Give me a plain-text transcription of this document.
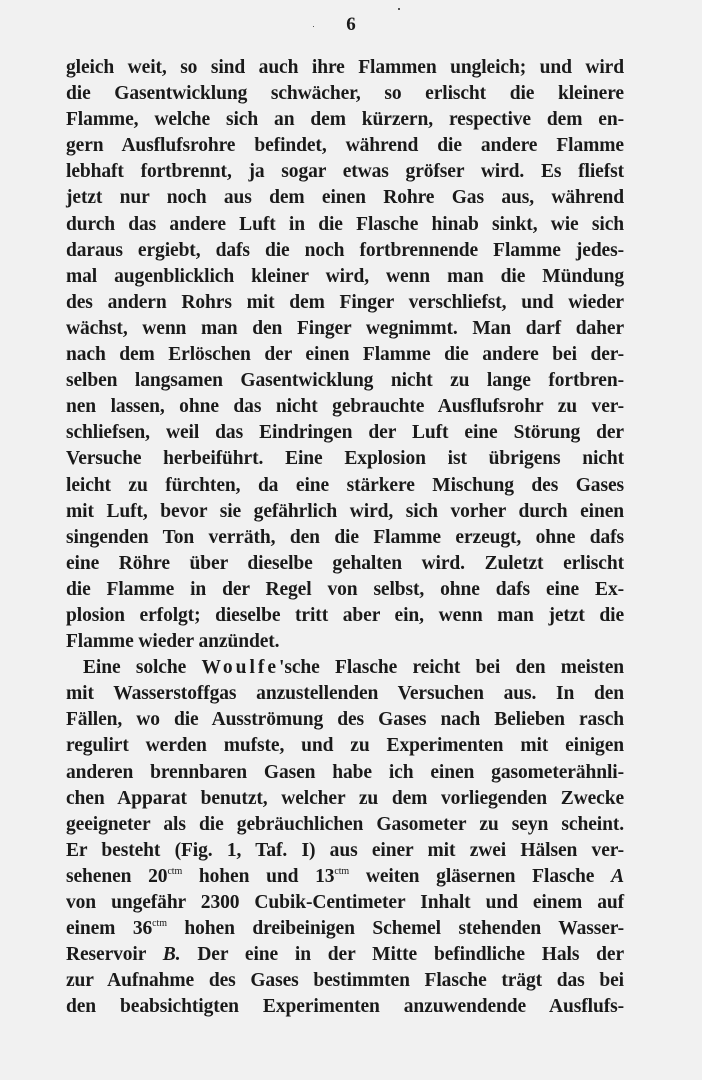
6
gleich weit, so sind auch ihre Flammen ungleich; und wird
die Gasentwicklung schwächer, so erlischt die kleinere
Flamme, welche sich an dem kürzern, respective dem en-
gern Ausflufsrohre befindet, während die andere Flamme
lebhaft fortbrennt, ja sogar etwas gröfser wird. Es fliefst
jetzt nur noch aus dem einen Rohre Gas aus, während
durch das andere Luft in die Flasche hinab sinkt, wie sich
daraus ergiebt, dafs die noch fortbrennende Flamme jedes-
mal augenblicklich kleiner wird, wenn man die Mündung
des andern Rohrs mit dem Finger verschliefst, und wieder
wächst, wenn man den Finger wegnimmt. Man darf daher
nach dem Erlöschen der einen Flamme die andere bei der-
selben langsamen Gasentwicklung nicht zu lange fortbren-
nen lassen, ohne das nicht gebrauchte Ausflufsrohr zu ver-
schliefsen, weil das Eindringen der Luft eine Störung der
Versuche herbeiführt. Eine Explosion ist übrigens nicht
leicht zu fürchten, da eine stärkere Mischung des Gases
mit Luft, bevor sie gefährlich wird, sich vorher durch einen
singenden Ton verräth, den die Flamme erzeugt, ohne dafs
eine Röhre über dieselbe gehalten wird. Zuletzt erlischt
die Flamme in der Regel von selbst, ohne dafs eine Ex-
plosion erfolgt; dieselbe tritt aber ein, wenn man jetzt die
Flamme wieder anzündet.
Eine solche Woulfe'sche Flasche reicht bei den meisten
mit Wasserstoffgas anzustellenden Versuchen aus. In den
Fällen, wo die Ausströmung des Gases nach Belieben rasch
regulirt werden mufste, und zu Experimenten mit einigen
anderen brennbaren Gasen habe ich einen gasometerähnli-
chen Apparat benutzt, welcher zu dem vorliegenden Zwecke
geeigneter als die gebräuchlichen Gasometer zu seyn scheint.
Er besteht (Fig. 1, Taf. I) aus einer mit zwei Hälsen ver-
sehenen $20^{ctm}$ hohen und $13^{ctm}$ weiten gläsernen Flasche A
von ungefähr 2300 Cubik-Centimeter Inhalt und einem auf
einem $36^{ctm}$ hohen dreibeinigen Schemel stehenden Wasser-
Reservoir B. Der eine in der Mitte befindliche Hals der
zur Aufnahme des Gases bestimmten Flasche trägt das bei
den beabsichtigten Experimenten anzuwendende Ausflufs-
